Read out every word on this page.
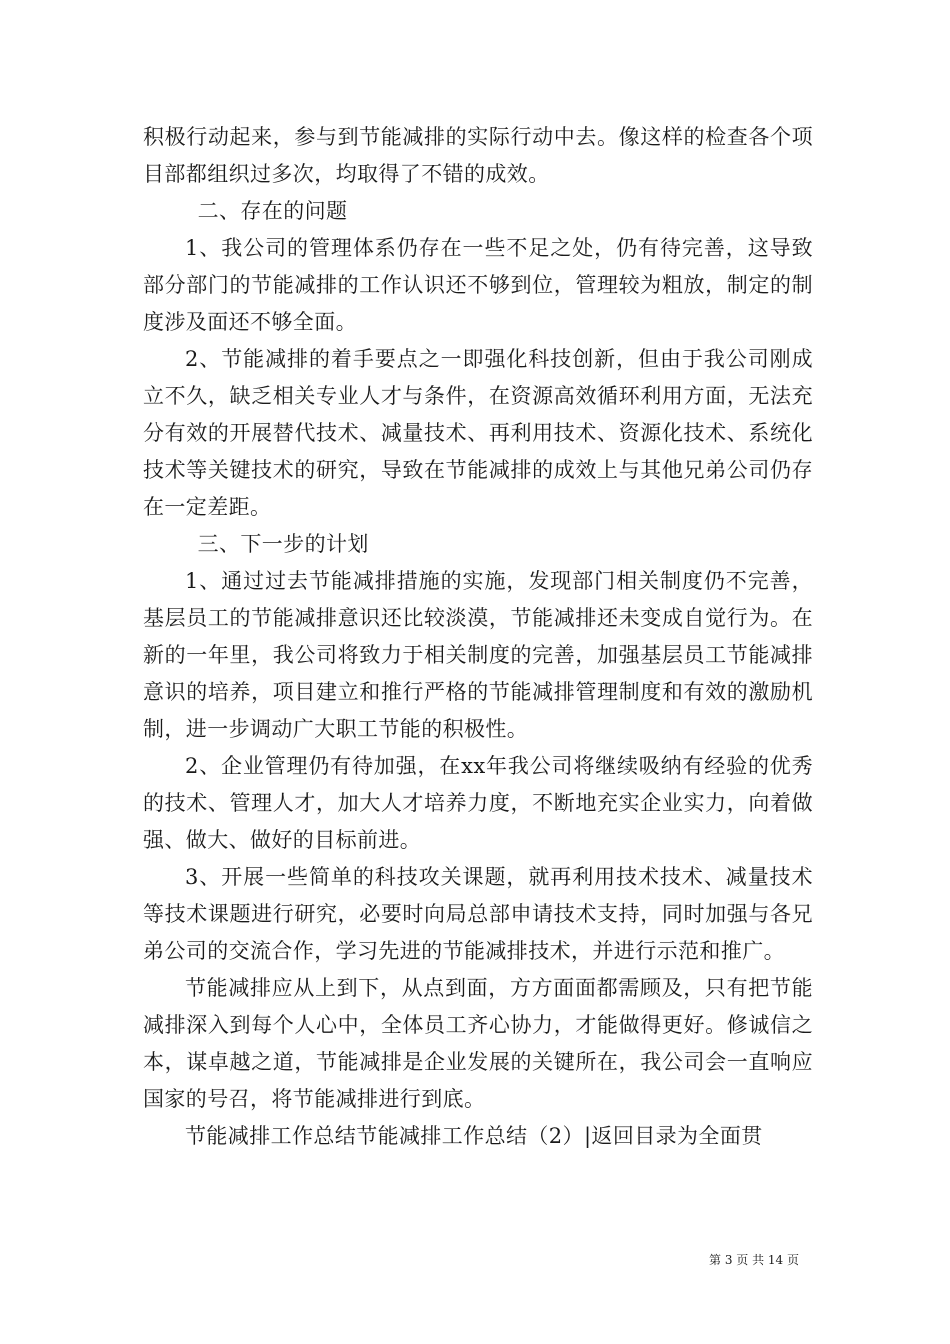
积极行动起来，参与到节能减排的实际行动中去。像这样的检查各个项目部都组织过多次，均取得了不错的成效。

二、存在的问题

1、我公司的管理体系仍存在一些不足之处，仍有待完善，这导致部分部门的节能减排的工作认识还不够到位，管理较为粗放，制定的制度涉及面还不够全面。

2、节能减排的着手要点之一即强化科技创新，但由于我公司刚成立不久，缺乏相关专业人才与条件，在资源高效循环利用方面，无法充分有效的开展替代技术、减量技术、再利用技术、资源化技术、系统化技术等关键技术的研究，导致在节能减排的成效上与其他兄弟公司仍存在一定差距。

三、下一步的计划

1、通过过去节能减排措施的实施，发现部门相关制度仍不完善，基层员工的节能减排意识还比较淡漠，节能减排还未变成自觉行为。在新的一年里，我公司将致力于相关制度的完善，加强基层员工节能减排意识的培养，项目建立和推行严格的节能减排管理制度和有效的激励机制，进一步调动广大职工节能的积极性。

2、企业管理仍有待加强，在xx年我公司将继续吸纳有经验的优秀的技术、管理人才，加大人才培养力度，不断地充实企业实力，向着做强、做大、做好的目标前进。

3、开展一些简单的科技攻关课题，就再利用技术技术、减量技术等技术课题进行研究，必要时向局总部申请技术支持，同时加强与各兄弟公司的交流合作，学习先进的节能减排技术，并进行示范和推广。

节能减排应从上到下，从点到面，方方面面都需顾及，只有把节能减排深入到每个人心中，全体员工齐心协力，才能做得更好。修诚信之本，谋卓越之道，节能减排是企业发展的关键所在，我公司会一直响应国家的号召，将节能减排进行到底。

节能减排工作总结节能减排工作总结（2）|返回目录为全面贯

第 3 页 共 14 页
